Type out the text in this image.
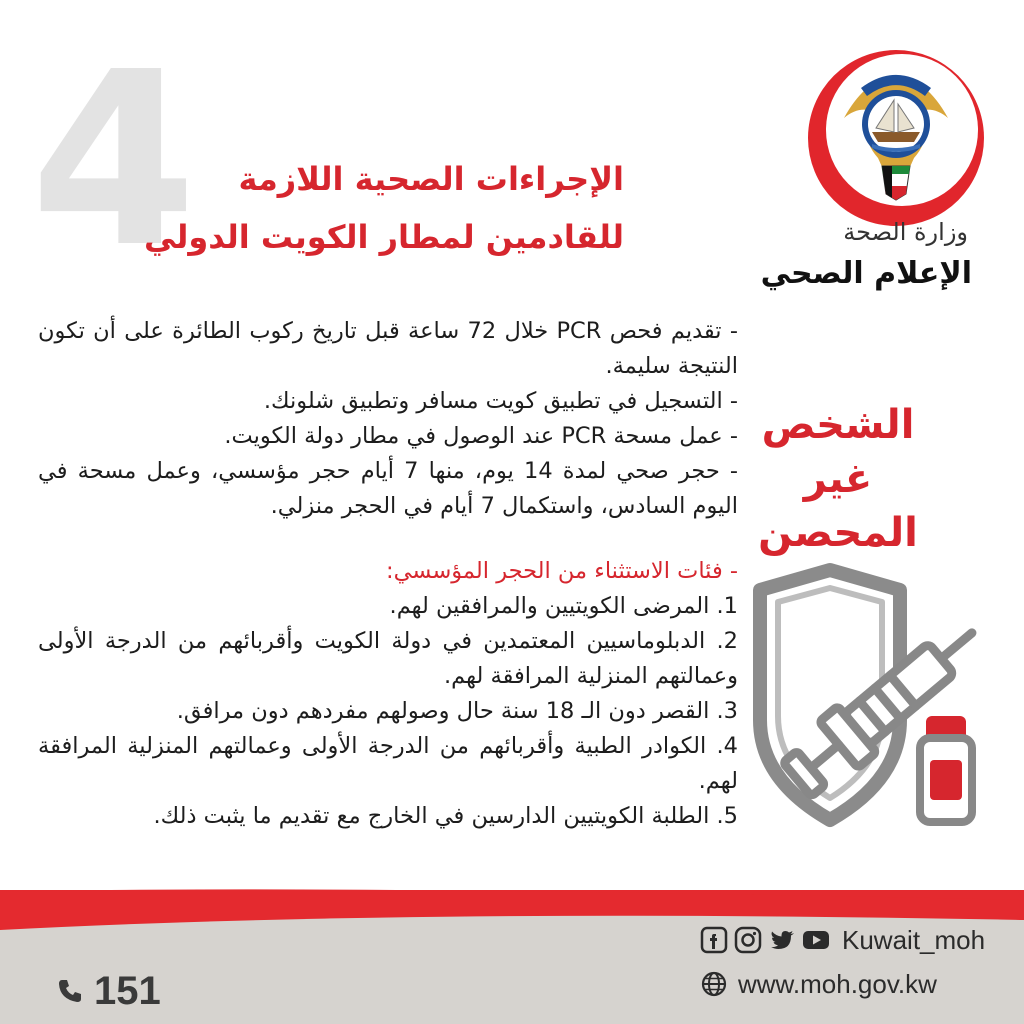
4 الإجراءات الصحية اللازمة
للقادمين لمطار الكويت الدولي	وزارة الصحة
الإعلام الصحي

- تقديم فحص PCR خلال 72 ساعة قبل تاريخ ركوب الطائرة على أن تكون النتيجة سليمة.

- التسجيل في تطبيق كويت مسافر وتطبيق شلونك.

- عمل مسحة PCR عند الوصول في مطار دولة الكويت.

- حجر صحي لمدة 14 يوم، منها 7 أيام حجر مؤسسي، وعمل مسحة في اليوم السادس، واستكمال 7 أيام في الحجر منزلي.

- فئات الاستثناء من الحجر المؤسسي:

1. المرضى الكويتيين والمرافقين لهم.

2. الدبلوماسيين المعتمدين في دولة الكويت وأقربائهم من الدرجة الأولى وعمالتهم المنزلية المرافقة لهم.

3. القصر دون الـ 18 سنة حال وصولهم مفردهم دون مرافق.

4. الكوادر الطبية وأقربائهم من الدرجة الأولى وعمالتهم المنزلية المرافقة لهم.

5. الطلبة الكويتيين الدارسين في الخارج مع تقديم ما يثبت ذلك.

الشخص
غير المحصن
151
Kuwait_moh
www.moh.gov.kw
